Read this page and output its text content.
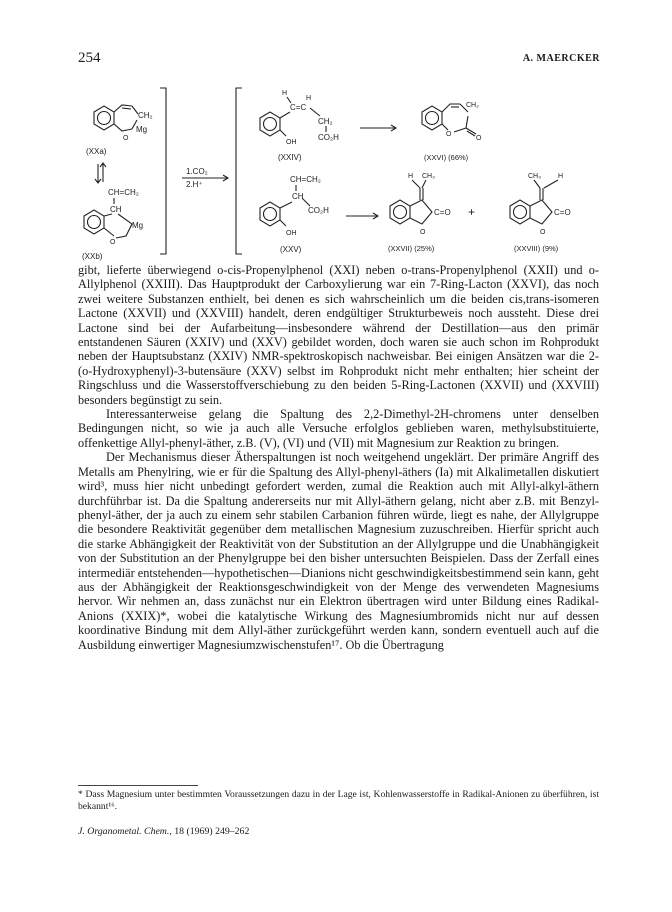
254	A. MAERCKER
CH₂
O
Mg
(XXa)
CH=CH₂
CH
Mg
O
(XXb)
1.CO₂
2.H⁺
H
C=C
H
CH₂
CO₂H
OH
(XXIV)
CH₂
O
O
(XXVI) (66%)
CH=CH₂
CH
CO₂H
OH
(XXV)
H CH₃
O
C=O
(XXVII) (25%)
+
CH₃ H
O
C=O
(XXVIII) (9%)

gibt, lieferte überwiegend o-cis-Propenylphenol (XXI) neben o-trans-Propenylphenol (XXII) und o-Allylphenol (XXIII). Das Hauptprodukt der Carboxylierung war ein 7-Ring-Lacton (XXVI), das noch zwei weitere Substanzen enthielt, bei denen es sich wahrscheinlich um die beiden cis,trans-isomeren Lactone (XXVII) und (XXVIII) handelt, deren endgültiger Strukturbeweis noch aussteht. Diese drei Lactone sind bei der Aufarbeitung—insbesondere während der Destillation—aus den primär entstandenen Säuren (XXIV) und (XXV) gebildet worden, doch waren sie auch schon im Rohprodukt neben der Hauptsubstanz (XXIV) NMR-spektroskopisch nachweisbar. Bei einigen Ansätzen war die 2-(o-Hydroxyphenyl)-3-butensäure (XXV) selbst im Rohprodukt nicht mehr enthalten; hier scheint der Ringschluss und die Wasserstoffverschiebung zu den beiden 5-Ring-Lactonen (XXVII) und (XXVIII) besonders begünstigt zu sein.

Interessanterweise gelang die Spaltung des 2,2-Dimethyl-2H-chromens unter denselben Bedingungen nicht, so wie ja auch alle Versuche erfolglos geblieben waren, methylsubstituierte, offenkettige Allyl-phenyl-äther, z.B. (V), (VI) und (VII) mit Magnesium zur Reaktion zu bringen.

Der Mechanismus dieser Ätherspaltungen ist noch weitgehend ungeklärt. Der primäre Angriff des Metalls am Phenylring, wie er für die Spaltung des Allyl-phenyl-äthers (Ia) mit Alkalimetallen diskutiert wird³, muss hier nicht unbedingt gefordert werden, zumal die Reaktion auch mit Allyl-alkyl-äthern durchführbar ist. Da die Spaltung andererseits nur mit Allyl-äthern gelang, nicht aber z.B. mit Benzyl-phenyl-äther, der ja auch zu einem sehr stabilen Carbanion führen würde, liegt es nahe, der Allylgruppe die besondere Reaktivität gegenüber dem metallischen Magnesium zuzuschreiben. Hierfür spricht auch die starke Abhängigkeit der Reaktivität von der Substitution an der Allylgruppe und die Unabhängigkeit von der Substitution an der Phenylgruppe bei den bisher untersuchten Beispielen. Dass der Zerfall eines intermediär entstehenden—hypothetischen—Dianions nicht geschwindigkeitsbestimmend sein kann, geht aus der Abhängigkeit der Reaktionsgeschwindigkeit von der Menge des verwendeten Magnesiums hervor. Wir nehmen an, dass zunächst nur ein Elektron übertragen wird unter Bildung eines Radikal-Anions (XXIX)*, wobei die katalytische Wirkung des Magnesiumbromids nicht nur auf dessen koordinative Bindung mit dem Allyl-äther zurückgeführt werden kann, sondern eventuell auch auf die Ausbildung einwertiger Magnesiumzwischenstufen¹⁷. Ob die Übertragung

* Dass Magnesium unter bestimmten Voraussetzungen dazu in der Lage ist, Kohlenwasserstoffe in Radikal-Anionen zu überführen, ist bekannt¹⁶.
J. Organometal. Chem., 18 (1969) 249–262
